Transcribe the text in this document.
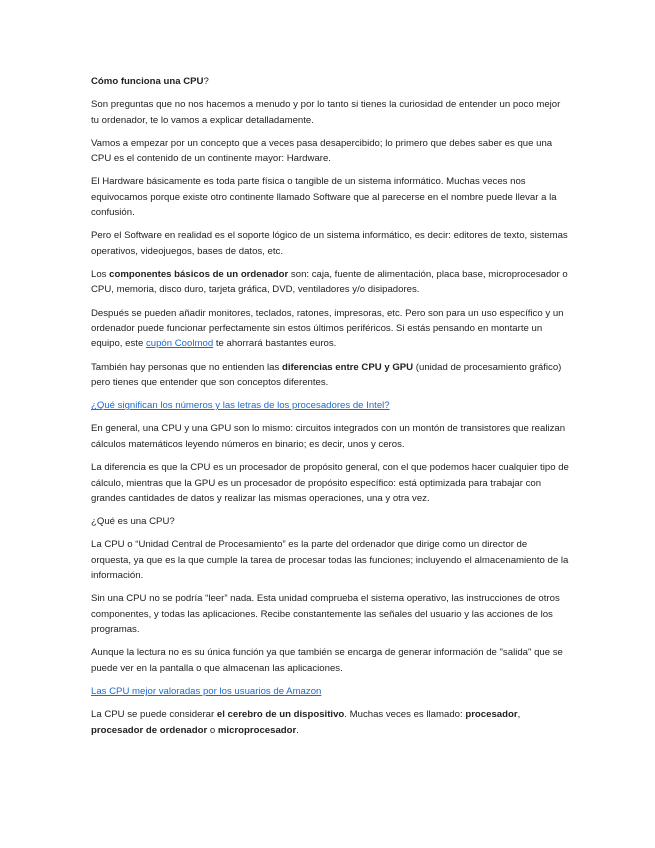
Cómo funciona una CPU?

Son preguntas que no nos hacemos a menudo y por lo tanto si tienes la curiosidad de entender un poco mejor tu ordenador, te lo vamos a explicar detalladamente.

Vamos a empezar por un concepto que a veces pasa desapercibido; lo primero que debes saber es que una CPU es el contenido de un continente mayor: Hardware.

El Hardware básicamente es toda parte física o tangible de un sistema informático. Muchas veces nos equivocamos porque existe otro continente llamado Software que al parecerse en el nombre puede llevar a la confusión.

Pero el Software en realidad es el soporte lógico de un sistema informático, es decir: editores de texto, sistemas operativos, videojuegos, bases de datos, etc.

Los componentes básicos de un ordenador son: caja, fuente de alimentación, placa base, microprocesador o CPU, memoria, disco duro, tarjeta gráfica, DVD, ventiladores y/o disipadores.

Después se pueden añadir monitores, teclados, ratones, impresoras, etc. Pero son para un uso específico y un ordenador puede funcionar perfectamente sin estos últimos periféricos. Si estás pensando en montarte un equipo, este cupón Coolmod te ahorrará bastantes euros.

También hay personas que no entienden las diferencias entre CPU y GPU (unidad de procesamiento gráfico) pero tienes que entender que son conceptos diferentes.

¿Qué significan los números y las letras de los procesadores de Intel?

En general, una CPU y una GPU son lo mismo: circuitos integrados con un montón de transistores que realizan cálculos matemáticos leyendo números en binario; es decir, unos y ceros.

La diferencia es que la CPU es un procesador de propósito general, con el que podemos hacer cualquier tipo de cálculo, mientras que la GPU es un procesador de propósito específico: está optimizada para trabajar con grandes cantidades de datos y realizar las mismas operaciones, una y otra vez.

¿Qué es una CPU?

La CPU o “Unidad Central de Procesamiento” es la parte del ordenador que dirige como un director de orquesta, ya que es la que cumple la tarea de procesar todas las funciones; incluyendo el almacenamiento de la información.

Sin una CPU no se podría “leer” nada. Esta unidad comprueba el sistema operativo, las instrucciones de otros componentes, y todas las aplicaciones. Recibe constantemente las señales del usuario y las acciones de los programas.

Aunque la lectura no es su única función ya que también se encarga de generar información de "salida" que se puede ver en la pantalla o que almacenan las aplicaciones.

Las CPU mejor valoradas por los usuarios de Amazon

La CPU se puede considerar el cerebro de un dispositivo. Muchas veces es llamado: procesador, procesador de ordenador o microprocesador.
